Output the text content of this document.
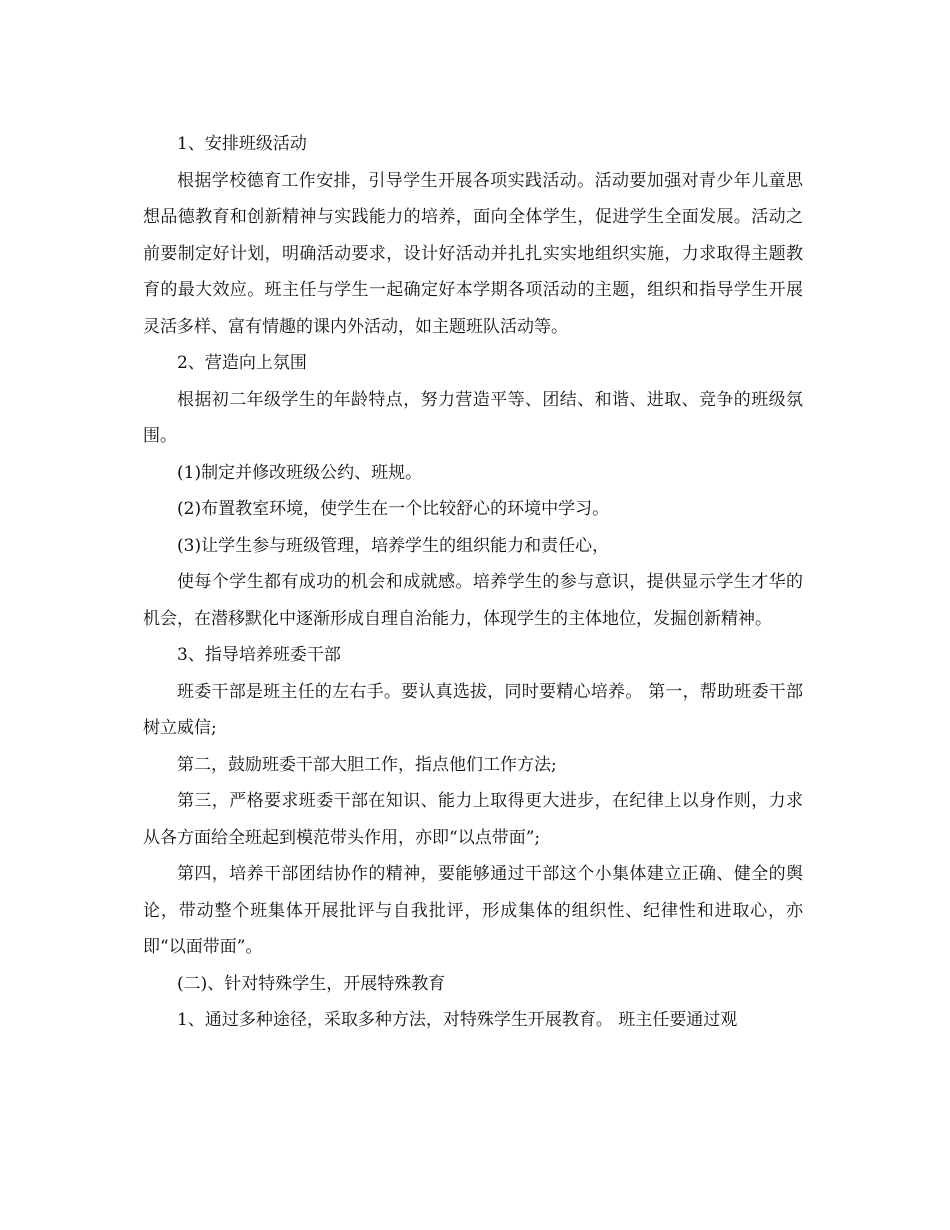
1、安排班级活动

根据学校德育工作安排，引导学生开展各项实践活动。活动要加强对青少年儿童思想品德教育和创新精神与实践能力的培养，面向全体学生，促进学生全面发展。活动之前要制定好计划，明确活动要求，设计好活动并扎扎实实地组织实施，力求取得主题教育的最大效应。班主任与学生一起确定好本学期各项活动的主题，组织和指导学生开展灵活多样、富有情趣的课内外活动，如主题班队活动等。

2、营造向上氛围

根据初二年级学生的年龄特点，努力营造平等、团结、和谐、进取、竞争的班级氛围。

(1)制定并修改班级公约、班规。

(2)布置教室环境，使学生在一个比较舒心的环境中学习。

(3)让学生参与班级管理，培养学生的组织能力和责任心，

使每个学生都有成功的机会和成就感。培养学生的参与意识，提供显示学生才华的机会，在潜移默化中逐渐形成自理自治能力，体现学生的主体地位，发掘创新精神。

3、指导培养班委干部

班委干部是班主任的左右手。要认真选拔，同时要精心培养。 第一，帮助班委干部树立威信;

第二，鼓励班委干部大胆工作，指点他们工作方法;

第三，严格要求班委干部在知识、能力上取得更大进步，在纪律上以身作则，力求从各方面给全班起到模范带头作用，亦即“以点带面”;

第四，培养干部团结协作的精神，要能够通过干部这个小集体建立正确、健全的舆论，带动整个班集体开展批评与自我批评，形成集体的组织性、纪律性和进取心，亦即“以面带面”。

(二)、针对特殊学生，开展特殊教育

1、通过多种途径，采取多种方法，对特殊学生开展教育。 班主任要通过观
